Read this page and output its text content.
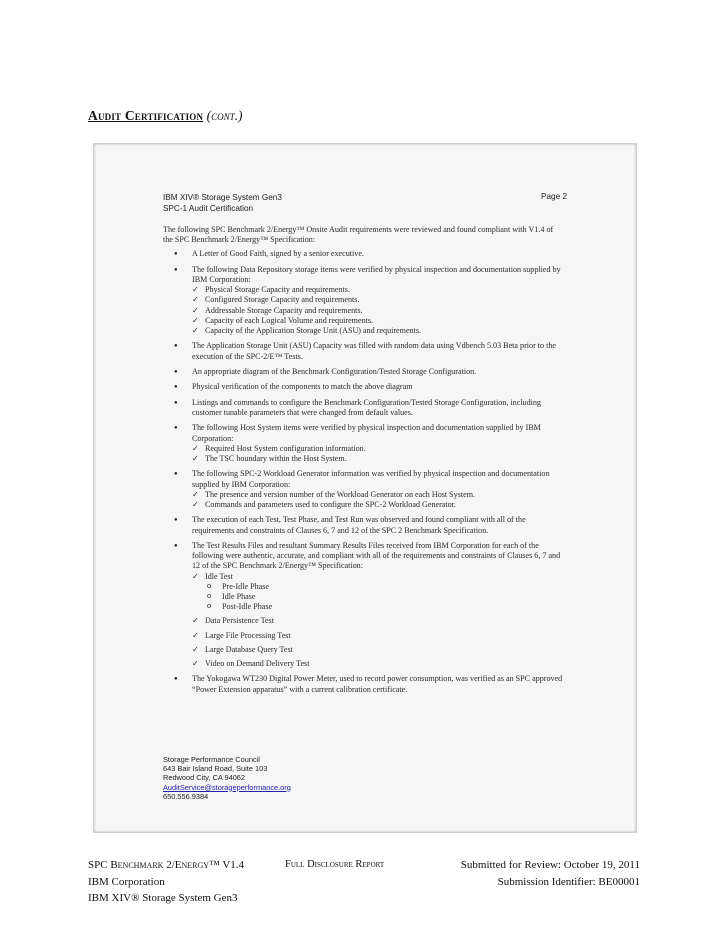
Audit Certification (cont.)
IBM XIV® Storage System Gen3
SPC-1 Audit Certification
Page 2

The following SPC Benchmark 2/Energy™ Onsite Audit requirements were reviewed and found compliant with V1.4 of the SPC Benchmark 2/Energy™ Specification:

● A Letter of Good Faith, signed by a senior executive.
● The following Data Repository storage items were verified by physical inspection and documentation supplied by IBM Corporation:
✓ Physical Storage Capacity and requirements.
✓ Configured Storage Capacity and requirements.
✓ Addressable Storage Capacity and requirements.
✓ Capacity of each Logical Volume and requirements.
✓ Capacity of the Application Storage Unit (ASU) and requirements.
● The Application Storage Unit (ASU) Capacity was filled with random data using Vdbench 5.03 Beta prior to the execution of the SPC-2/E™ Tests.
● An appropriate diagram of the Benchmark Configuration/Tested Storage Configuration.
● Physical verification of the components to match the above diagram
● Listings and commands to configure the Benchmark Configuration/Tested Storage Configuration, including customer tunable parameters that were changed from default values.
● The following Host System items were verified by physical inspection and documentation supplied by IBM Corporation:
✓ Required Host System configuration information.
✓ The TSC boundary within the Host System.
● The following SPC-2 Workload Generator information was verified by physical inspection and documentation supplied by IBM Corporation:
✓ The presence and version number of the Workload Generator on each Host System.
✓ Commands and parameters used to configure the SPC-2 Workload Generator.
● The execution of each Test, Test Phase, and Test Run was observed and found compliant with all of the requirements and constraints of Clauses 6, 7 and 12 of the SPC 2 Benchmark Specification.
● The Test Results Files and resultant Summary Results Files received from IBM Corporation for each of the following were authentic, accurate, and compliant with all of the requirements and constraints of Clauses 6, 7 and 12 of the SPC Benchmark 2/Energy™ Specification:
✓ Idle Test
o Pre-Idle Phase
o Idle Phase
o Post-Idle Phase
✓ Data Persistence Test
✓ Large File Processing Test
✓ Large Database Query Test
✓ Video on Demand Delivery Test
● The Yokogawa WT230 Digital Power Meter, used to record power consumption, was verified as an SPC approved “Power Extension apparatus” with a current calibration certificate.
Storage Performance Council
643 Bair Island Road, Suite 103
Redwood City, CA 94062
AuditService@storageperformance.org
650.556.9384
SPC Benchmark 2/Energy™ V1.4	Full Disclosure Report	Submitted for Review: October 19, 2011
IBM Corporation	Submission Identifier: BE00001
IBM XIV® Storage System Gen3
